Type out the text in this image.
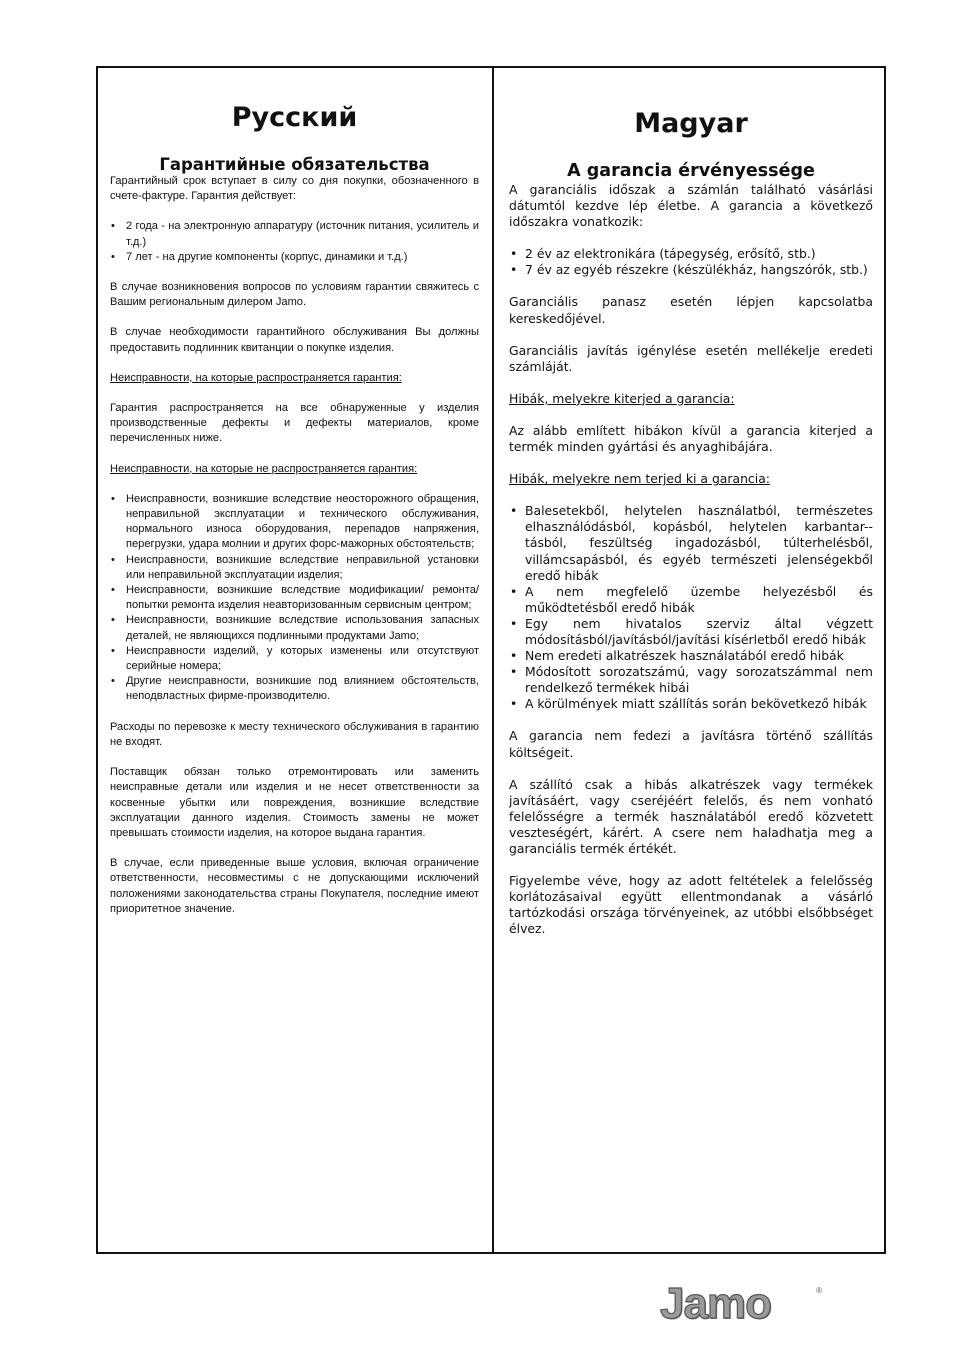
Русский
Гарантийные обязательства

Гарантийный срок вступает в силу со дня покупки, обозначенного в счете-фактуре. Гарантия действует:

• 2 года - на электронную аппаратуру (источник питания, усилитель и т.д.)
• 7 лет - на другие компоненты (корпус, динамики и т.д.)

В случае возникновения вопросов по условиям гарантии свяжитесь с Вашим региональным дилером Jamo.

В случае необходимости гарантийного обслуживания Вы должны предоставить подлинник квитанции о покупке изделия.

Неисправности, на которые распространяется гарантия:

Гарантия распространяется на все обнаруженные у изделия производственные дефекты и дефекты материалов, кроме перечисленных ниже.

Неисправности, на которые не распространяется гарантия:

• Неисправности, возникшие вследствие неосторожного обращения, неправильной эксплуатации и технического обслуживания, нормального износа оборудования, перепадов напряжения, перегрузки, удара молнии и других форс-мажорных обстоятельств;
• Неисправности, возникшие вследствие неправильной установки или неправильной эксплуатации изделия;
• Неисправности, возникшие вследствие модификации/ ремонта/попытки ремонта изделия неавторизованным сервисным центром;
• Неисправности, возникшие вследствие использования запасных деталей, не являющихся подлинными продуктами Jamo;
• Неисправности изделий, у которых изменены или отсутствуют серийные номера;
• Другие неисправности, возникшие под влиянием обстоятельств, неподвластных фирме-производителю.

Расходы по перевозке к месту технического обслуживания в гарантию не входят.

Поставщик обязан только отремонтировать или заменить неисправные детали или изделия и не несет ответственности за косвенные убытки или повреждения, возникшие вследствие эксплуатации данного изделия. Стоимость замены не может превышать стоимости изделия, на которое выдана гарантия.

В случае, если приведенные выше условия, включая ограничение ответственности, несовместимы с не допускающими исключений положениями законодательства страны Покупателя, последние имеют приоритетное значение.

Magyar
A garancia érvényessége

A garanciális időszak a számlán található vásárlási dátumtól kezdve lép életbe. A garancia a következő időszakra vonatkozik:

• 2 év az elektronikára (tápegység, erősítő, stb.)
• 7 év az egyéb részekre (készülékház, hangszórók, stb.)

Garanciális panasz esetén lépjen kapcsolatba kereskedőjével.

Garanciális javítás igénylése esetén mellékelje eredeti számláját.

Hibák, melyekre kiterjed a garancia:

Az alább említett hibákon kívül a garancia kiterjed a termék minden gyártási és anyaghibájára.

Hibák, melyekre nem terjed ki a garancia:

• Balesetekből, helytelen használatból, természetes elhasználódásból, kopásból, helytelen karbantar-- tásból, feszültség ingadozásból, túlterhelésből, villámcsapásból, és egyéb természeti jelenségekből eredő hibák
• A nem megfelelő üzembe helyezésből és működtetésből eredő hibák
• Egy nem hivatalos szerviz által végzett módosításból/javításból/javítási kísérletből eredő hibák
• Nem eredeti alkatrészek használatából eredő hibák
• Módosított sorozatszámú, vagy sorozatszámmal nem rendelkező termékek hibái
• A körülmények miatt szállítás során bekövetkező hibák

A garancia nem fedezi a javításra történő szállítás költségeit.

A szállító csak a hibás alkatrészek vagy termékek javításáért, vagy cseréjéért felelős, és nem vonható felelősségre a termék használatából eredő közvetett veszteségért, kárért. A csere nem haladhatja meg a garanciális termék értékét.

Figyelembe véve, hogy az adott feltételek a felelősség korlátozásaival együtt ellentmondanak a vásárló tartózkodási országa törvényeinek, az utóbbi elsőbbséget élvez.

Jamo	®
